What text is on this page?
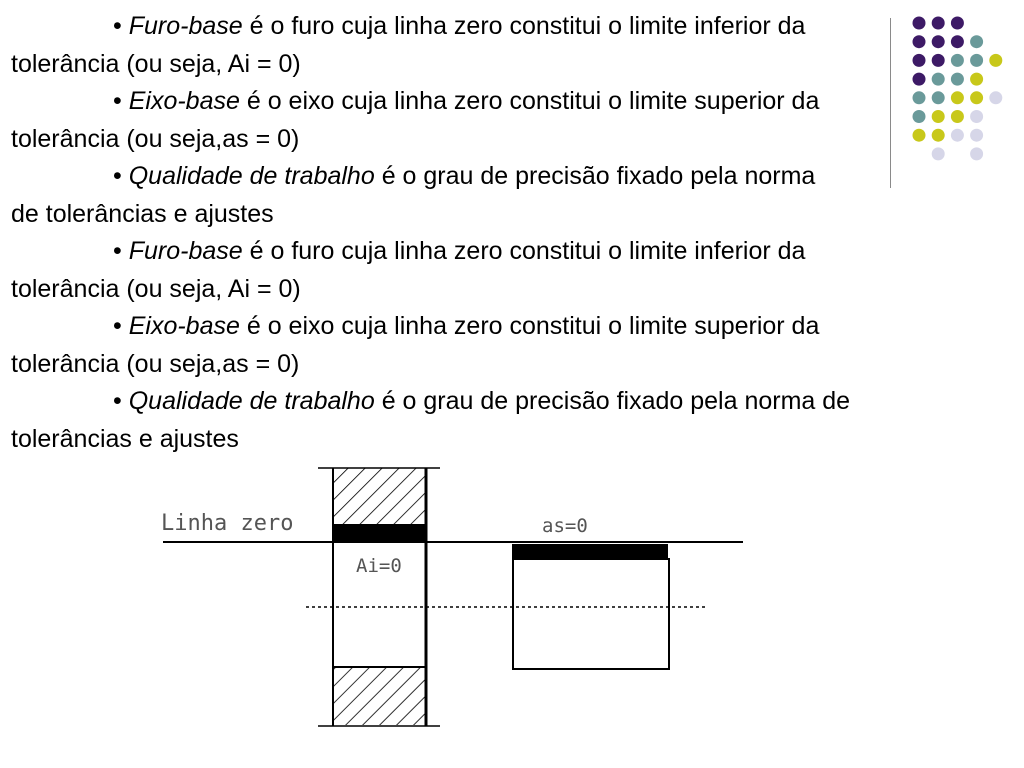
• Furo-base é o furo cuja linha zero constitui o limite inferior da tolerância (ou seja, Ai = 0)

• Eixo-base é o eixo cuja linha zero constitui o limite superior da tolerância (ou seja,as = 0)

• Qualidade de trabalho é o grau de precisão fixado pela norma de tolerâncias e ajustes

• Furo-base é o furo cuja linha zero constitui o limite inferior da tolerância (ou seja, Ai = 0)

• Eixo-base é o eixo cuja linha zero constitui o limite superior da tolerância (ou seja,as = 0)

• Qualidade de trabalho é o grau de precisão fixado pela norma de tolerâncias e ajustes

Linha zero
Ai=0
as=0
